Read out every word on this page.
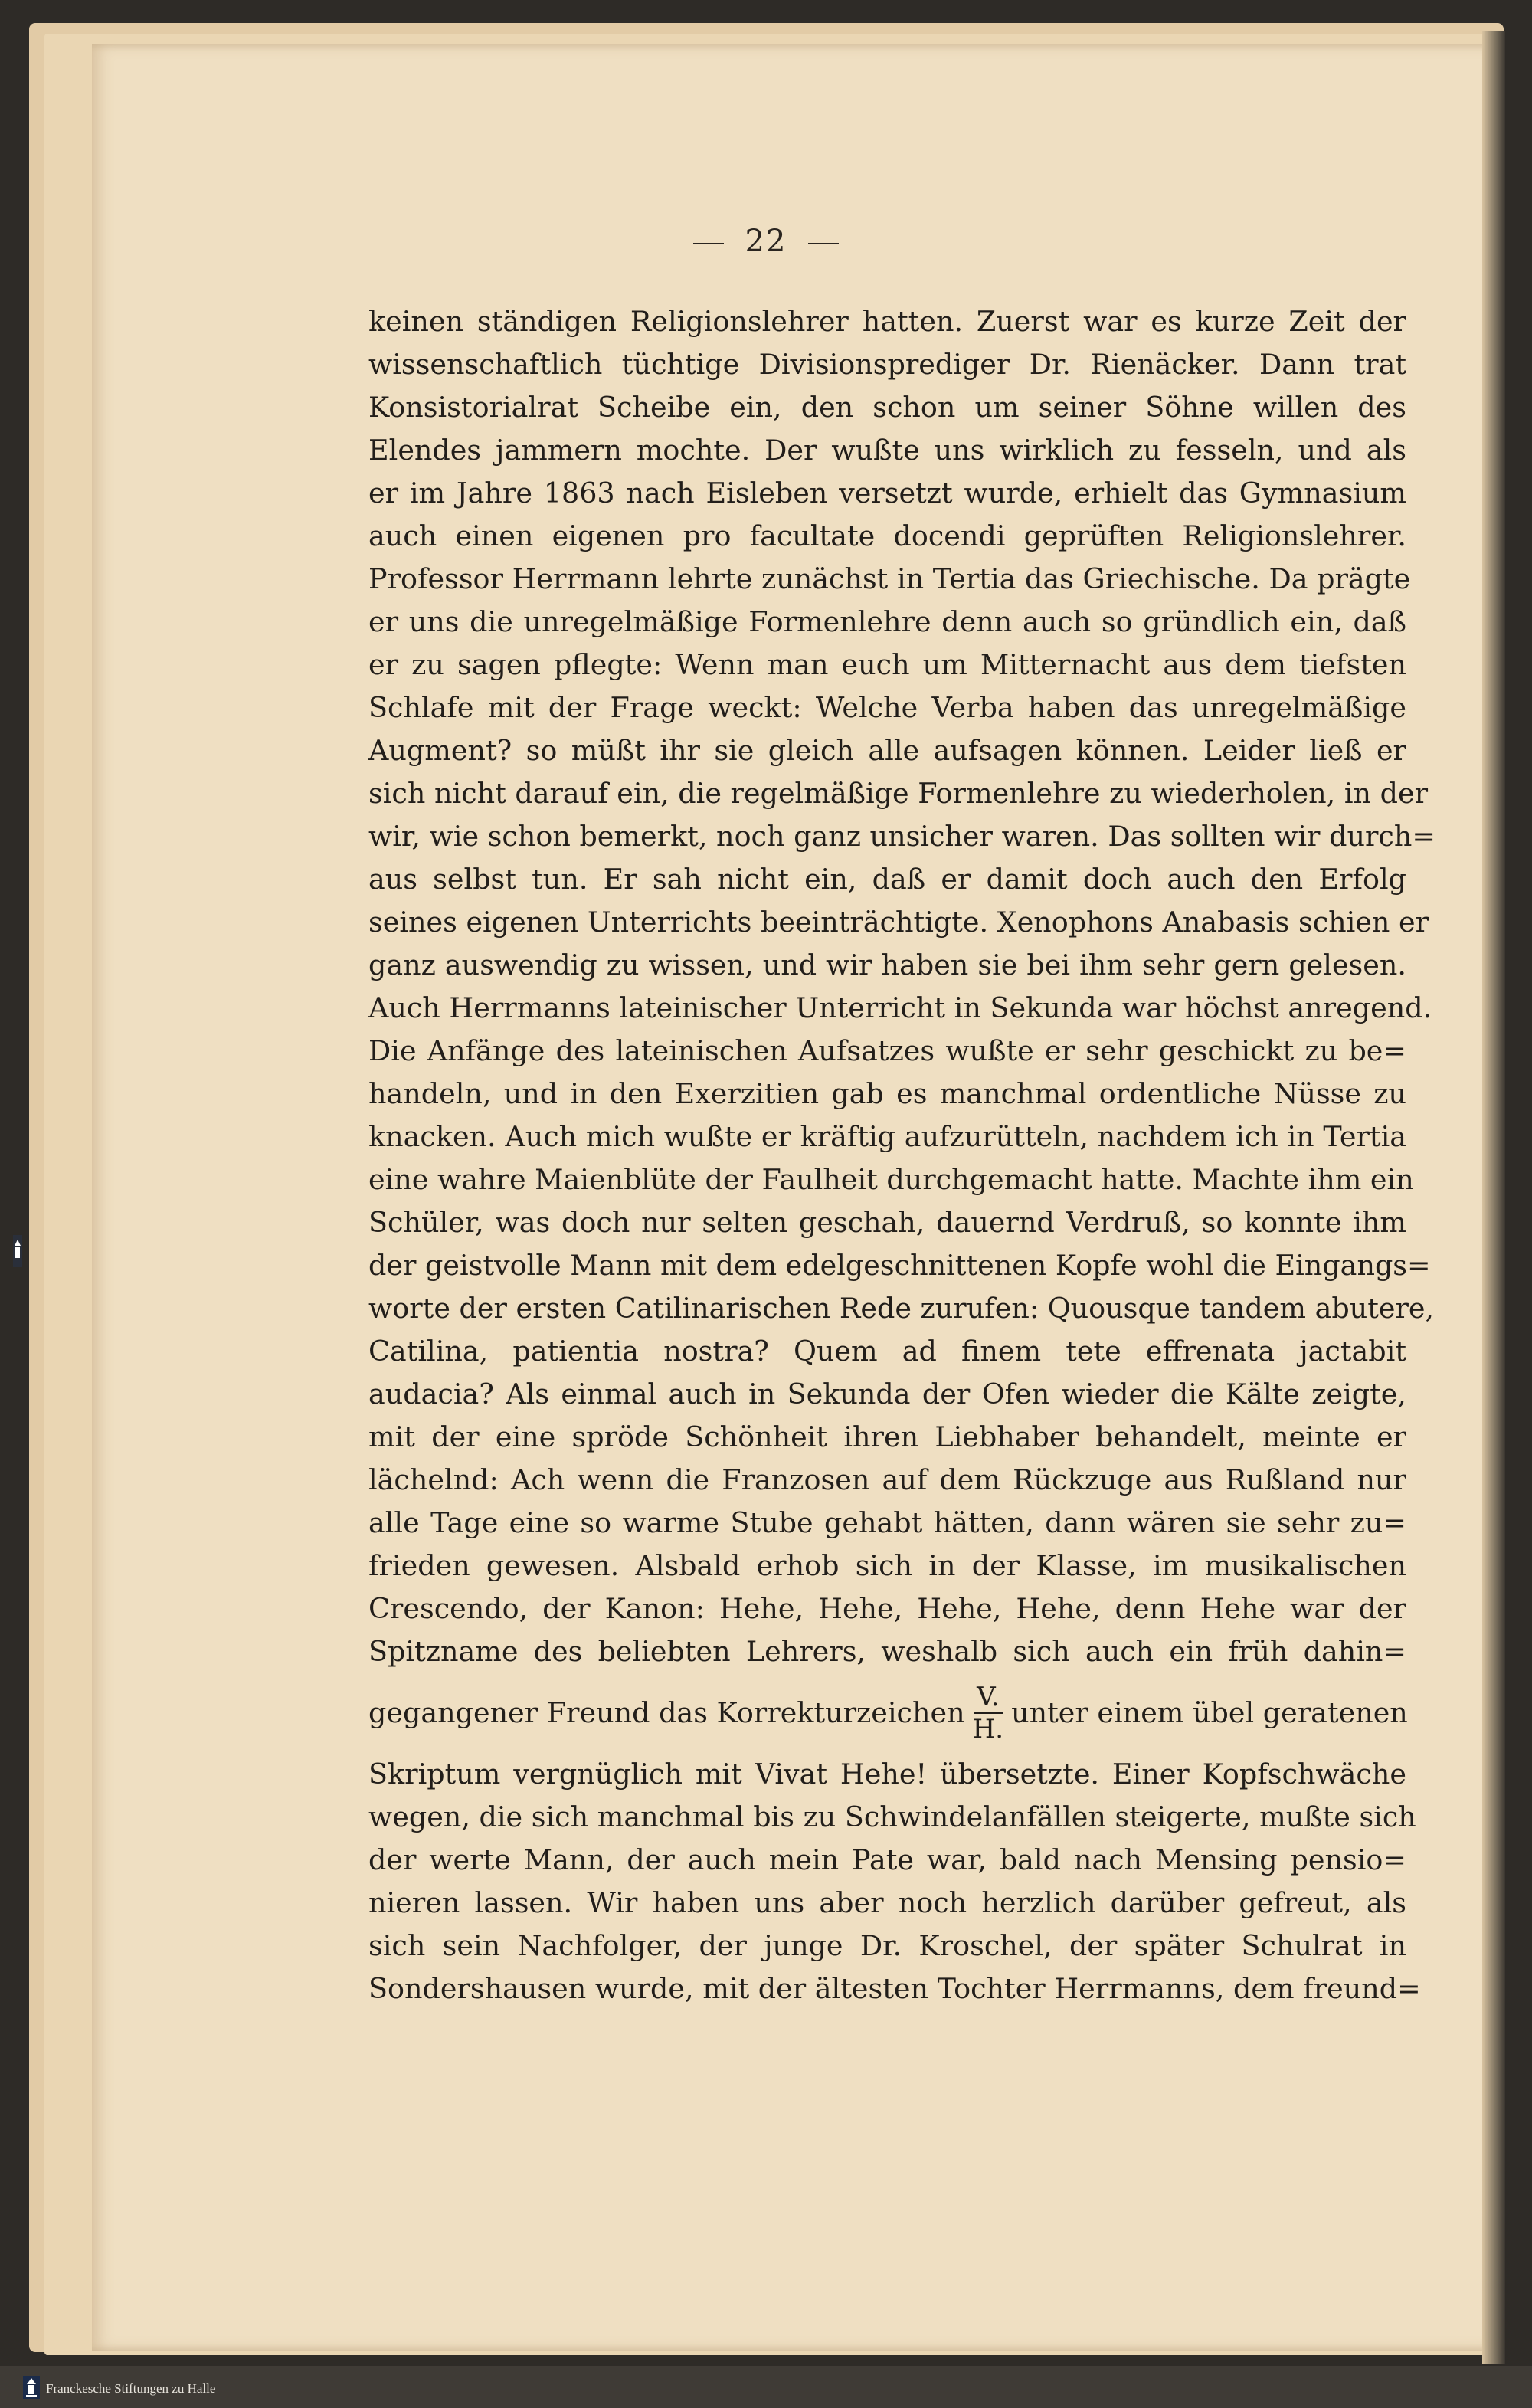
22
keinen ständigen Religionslehrer hatten. Zuerst war es kurze Zeit der
wissenschaftlich tüchtige Divisionsprediger Dr. Rienäcker. Dann trat
Konsistorialrat Scheibe ein, den schon um seiner Söhne willen des
Elendes jammern mochte. Der wußte uns wirklich zu fesseln, und als
er im Jahre 1863 nach Eisleben versetzt wurde, erhielt das Gymnasium
auch einen eigenen pro facultate docendi geprüften Religionslehrer.
Professor Herrmann lehrte zunächst in Tertia das Griechische. Da prägte
er uns die unregelmäßige Formenlehre denn auch so gründlich ein, daß
er zu sagen pflegte: Wenn man euch um Mitternacht aus dem tiefsten
Schlafe mit der Frage weckt: Welche Verba haben das unregelmäßige
Augment? so müßt ihr sie gleich alle aufsagen können. Leider ließ er
sich nicht darauf ein, die regelmäßige Formenlehre zu wiederholen, in der
wir, wie schon bemerkt, noch ganz unsicher waren. Das sollten wir durch=
aus selbst tun. Er sah nicht ein, daß er damit doch auch den Erfolg
seines eigenen Unterrichts beeinträchtigte. Xenophons Anabasis schien er
ganz auswendig zu wissen, und wir haben sie bei ihm sehr gern gelesen.
Auch Herrmanns lateinischer Unterricht in Sekunda war höchst anregend.
Die Anfänge des lateinischen Aufsatzes wußte er sehr geschickt zu be=
handeln, und in den Exerzitien gab es manchmal ordentliche Nüsse zu
knacken. Auch mich wußte er kräftig aufzurütteln, nachdem ich in Tertia
eine wahre Maienblüte der Faulheit durchgemacht hatte. Machte ihm ein
Schüler, was doch nur selten geschah, dauernd Verdruß, so konnte ihm
der geistvolle Mann mit dem edelgeschnittenen Kopfe wohl die Eingangs=
worte der ersten Catilinarischen Rede zurufen: Quousque tandem abutere,
Catilina, patientia nostra? Quem ad finem tete effrenata jactabit
audacia? Als einmal auch in Sekunda der Ofen wieder die Kälte zeigte,
mit der eine spröde Schönheit ihren Liebhaber behandelt, meinte er
lächelnd: Ach wenn die Franzosen auf dem Rückzuge aus Rußland nur
alle Tage eine so warme Stube gehabt hätten, dann wären sie sehr zu=
frieden gewesen. Alsbald erhob sich in der Klasse, im musikalischen
Crescendo, der Kanon: Hehe, Hehe, Hehe, Hehe, denn Hehe war der
Spitzname des beliebten Lehrers, weshalb sich auch ein früh dahin=
gegangener Freund das Korrekturzeichen $\frac{V.}{H.}$ unter einem übel geratenen
Skriptum vergnüglich mit Vivat Hehe! übersetzte. Einer Kopfschwäche
wegen, die sich manchmal bis zu Schwindelanfällen steigerte, mußte sich
der werte Mann, der auch mein Pate war, bald nach Mensing pensio=
nieren lassen. Wir haben uns aber noch herzlich darüber gefreut, als
sich sein Nachfolger, der junge Dr. Kroschel, der später Schulrat in
Sondershausen wurde, mit der ältesten Tochter Herrmanns, dem freund=
Franckesche Stiftungen zu Halle
